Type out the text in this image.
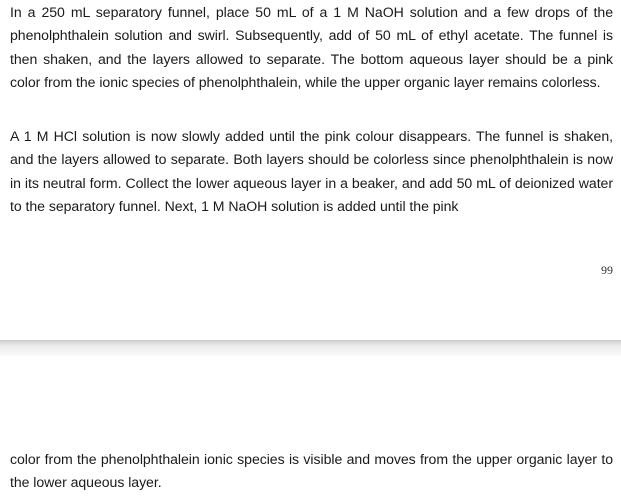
In a 250 mL separatory funnel, place 50 mL of a 1 M NaOH solution and a few drops of the phenolphthalein solution and swirl. Subsequently, add of 50 mL of ethyl acetate. The funnel is then shaken, and the layers allowed to separate. The bottom aqueous layer should be a pink color from the ionic species of phenolphthalein, while the upper organic layer remains colorless.

A 1 M HCl solution is now slowly added until the pink colour disappears. The funnel is shaken, and the layers allowed to separate. Both layers should be colorless since phenolphthalein is now in its neutral form. Collect the lower aqueous layer in a beaker, and add 50 mL of deionized water to the separatory funnel. Next, 1 M NaOH solution is added until the pink

99

color from the phenolphthalein ionic species is visible and moves from the upper organic layer to the lower aqueous layer.
